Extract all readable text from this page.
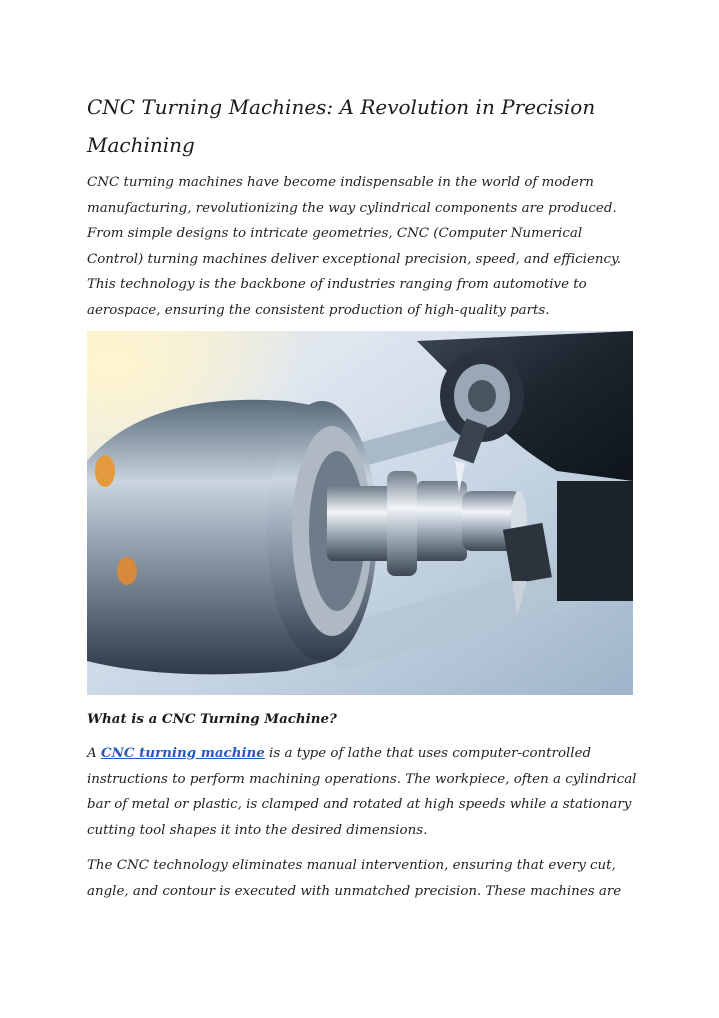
CNC Turning Machines: A Revolution in Precision Machining

CNC turning machines have become indispensable in the world of modern manufacturing, revolutionizing the way cylindrical components are produced. From simple designs to intricate geometries, CNC (Computer Numerical Control) turning machines deliver exceptional precision, speed, and efficiency. This technology is the backbone of industries ranging from automotive to aerospace, ensuring the consistent production of high-quality parts.

What is a CNC Turning Machine?

A CNC turning machine is a type of lathe that uses computer-controlled instructions to perform machining operations. The workpiece, often a cylindrical bar of metal or plastic, is clamped and rotated at high speeds while a stationary cutting tool shapes it into the desired dimensions.

The CNC technology eliminates manual intervention, ensuring that every cut, angle, and contour is executed with unmatched precision. These machines are
